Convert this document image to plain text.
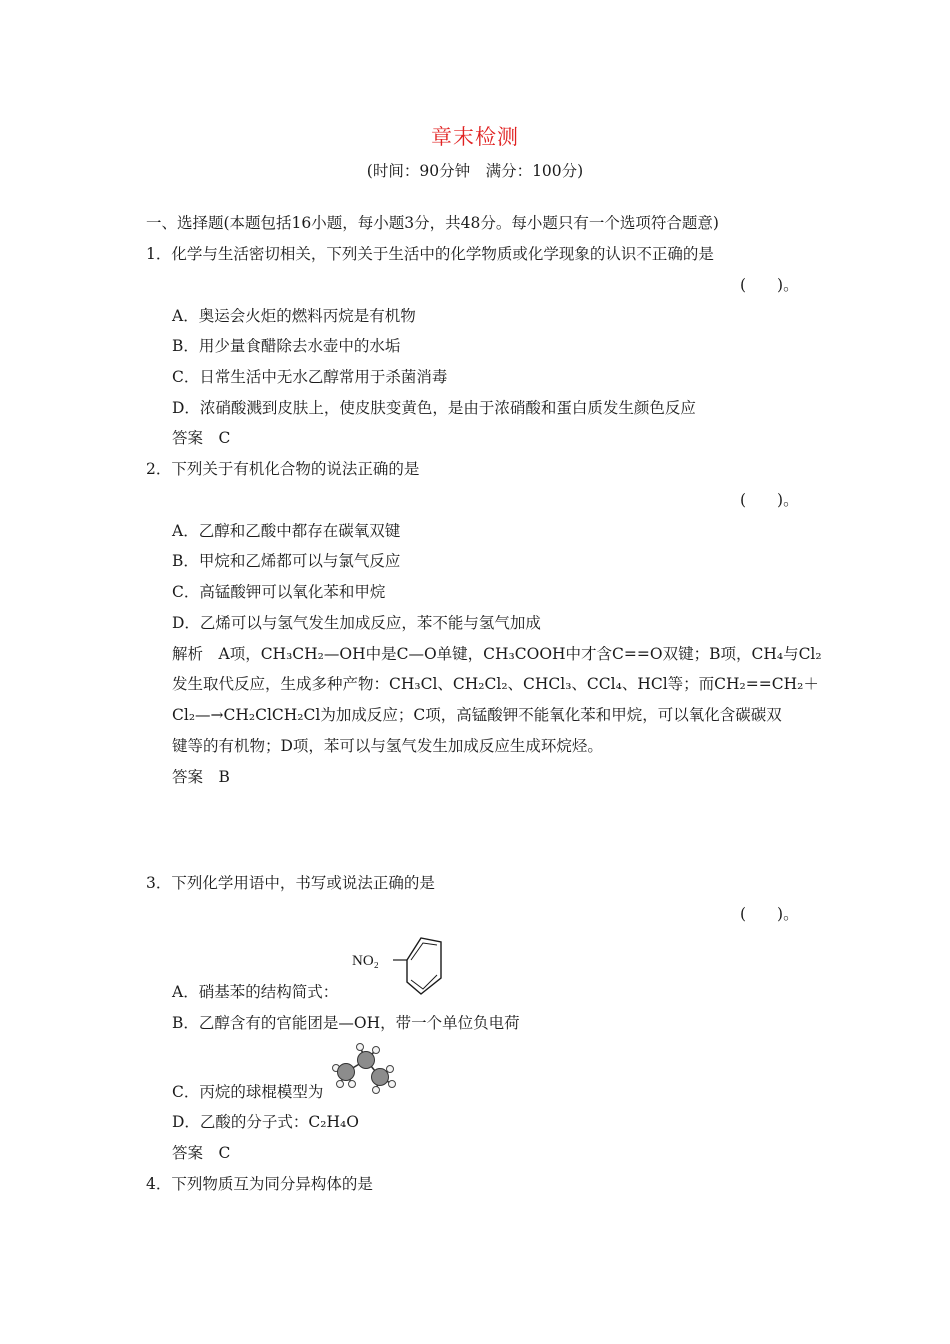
章末检测
(时间：90分钟　满分：100分)
一、选择题(本题包括16小题，每小题3分，共48分。每小题只有一个选项符合题意)
1．化学与生活密切相关，下列关于生活中的化学物质或化学现象的认识不正确的是
(　　)。
A．奥运会火炬的燃料丙烷是有机物
B．用少量食醋除去水壶中的水垢
C．日常生活中无水乙醇常用于杀菌消毒
D．浓硝酸溅到皮肤上，使皮肤变黄色，是由于浓硝酸和蛋白质发生颜色反应
答案　C
2．下列关于有机化合物的说法正确的是
(　　)。
A．乙醇和乙酸中都存在碳氧双键
B．甲烷和乙烯都可以与氯气反应
C．高锰酸钾可以氧化苯和甲烷
D．乙烯可以与氢气发生加成反应，苯不能与氢气加成
解析　A项，CH₃CH₂—OH中是C—O单键，CH₃COOH中才含C==O双键；B项，CH₄与Cl₂
发生取代反应，生成多种产物：CH₃Cl、CH₂Cl₂、CHCl₃、CCl₄、HCl等；而CH₂==CH₂＋
Cl₂—→CH₂ClCH₂Cl为加成反应；C项，高锰酸钾不能氧化苯和甲烷，可以氧化含碳碳双
键等的有机物；D项，苯可以与氢气发生加成反应生成环烷烃。
答案　B
3．下列化学用语中，书写或说法正确的是
(　　)。
NO₂
A．硝基苯的结构简式：
B．乙醇含有的官能团是—OH，带一个单位负电荷
C．丙烷的球棍模型为
D．乙酸的分子式：C₂H₄O
答案　C
4．下列物质互为同分异构体的是
